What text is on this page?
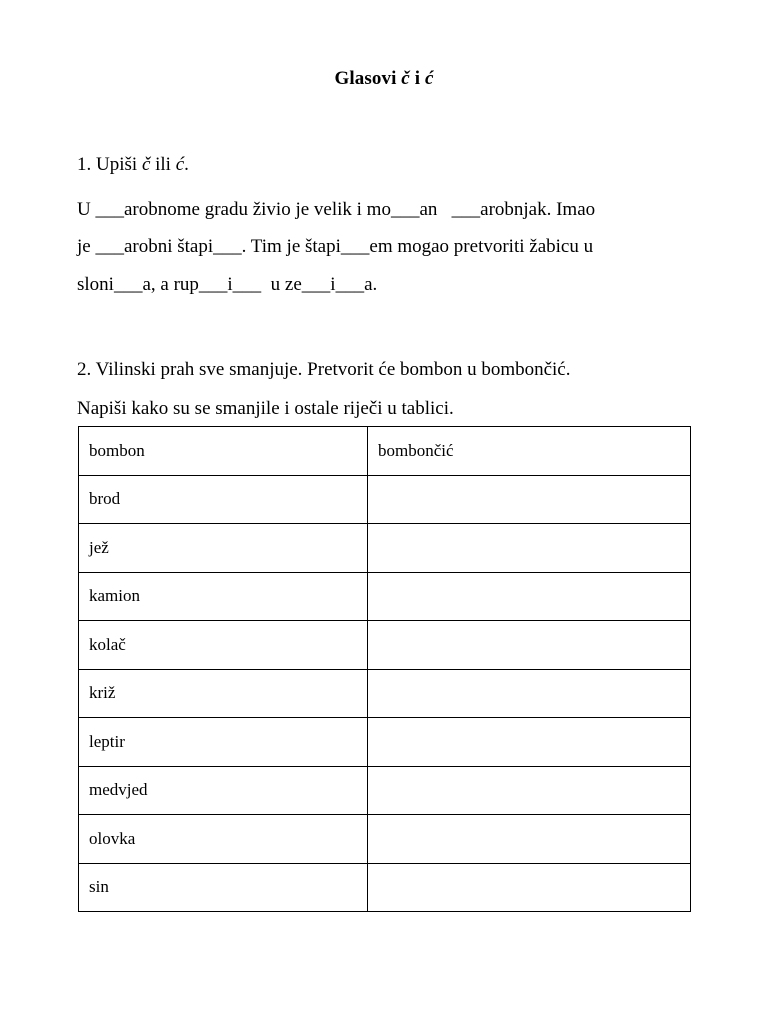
Glasovi č i ć
1. Upiši č ili ć.
U ___arobnome gradu živio je velik i mo___an   ___arobnjak. Imao
je ___arobni štapi___. Tim je štapi___em mogao pretvoriti žabicu u
sloni___a, a rup___i___  u ze___i___a.
2. Vilinski prah sve smanjuje. Pretvorit će bombon u bombončić.
Napiši kako su se smanjile i ostale riječi u tablici.
bombon	bombončić
brod	
jež	
kamion	
kolač	
križ	
leptir	
medvjed	
olovka	
sin	
